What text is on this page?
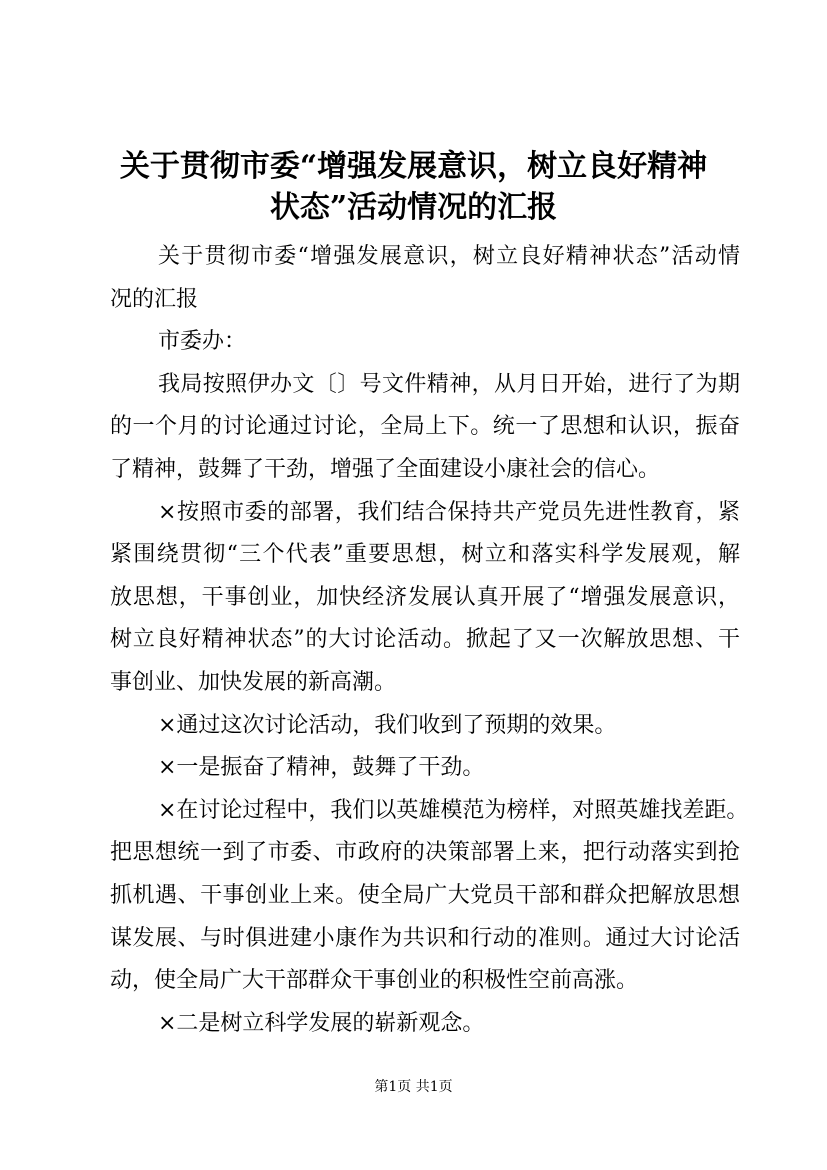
关于贯彻市委“增强发展意识，树立良好精神
状态”活动情况的汇报
关于贯彻市委“增强发展意识，树立良好精神状态”活动情
况的汇报
市委办：
我局按照伊办文〔〕号文件精神，从月日开始，进行了为期
的一个月的讨论通过讨论，全局上下。统一了思想和认识，振奋
了精神，鼓舞了干劲，增强了全面建设小康社会的信心。
×按照市委的部署，我们结合保持共产党员先进性教育，紧
紧围绕贯彻“三个代表”重要思想，树立和落实科学发展观，解
放思想，干事创业，加快经济发展认真开展了“增强发展意识，
树立良好精神状态”的大讨论活动。掀起了又一次解放思想、干
事创业、加快发展的新高潮。
×通过这次讨论活动，我们收到了预期的效果。
×一是振奋了精神，鼓舞了干劲。
×在讨论过程中，我们以英雄模范为榜样，对照英雄找差距。
把思想统一到了市委、市政府的决策部署上来，把行动落实到抢
抓机遇、干事创业上来。使全局广大党员干部和群众把解放思想
谋发展、与时俱进建小康作为共识和行动的准则。通过大讨论活
动，使全局广大干部群众干事创业的积极性空前高涨。
×二是树立科学发展的崭新观念。
第1页 共1页
